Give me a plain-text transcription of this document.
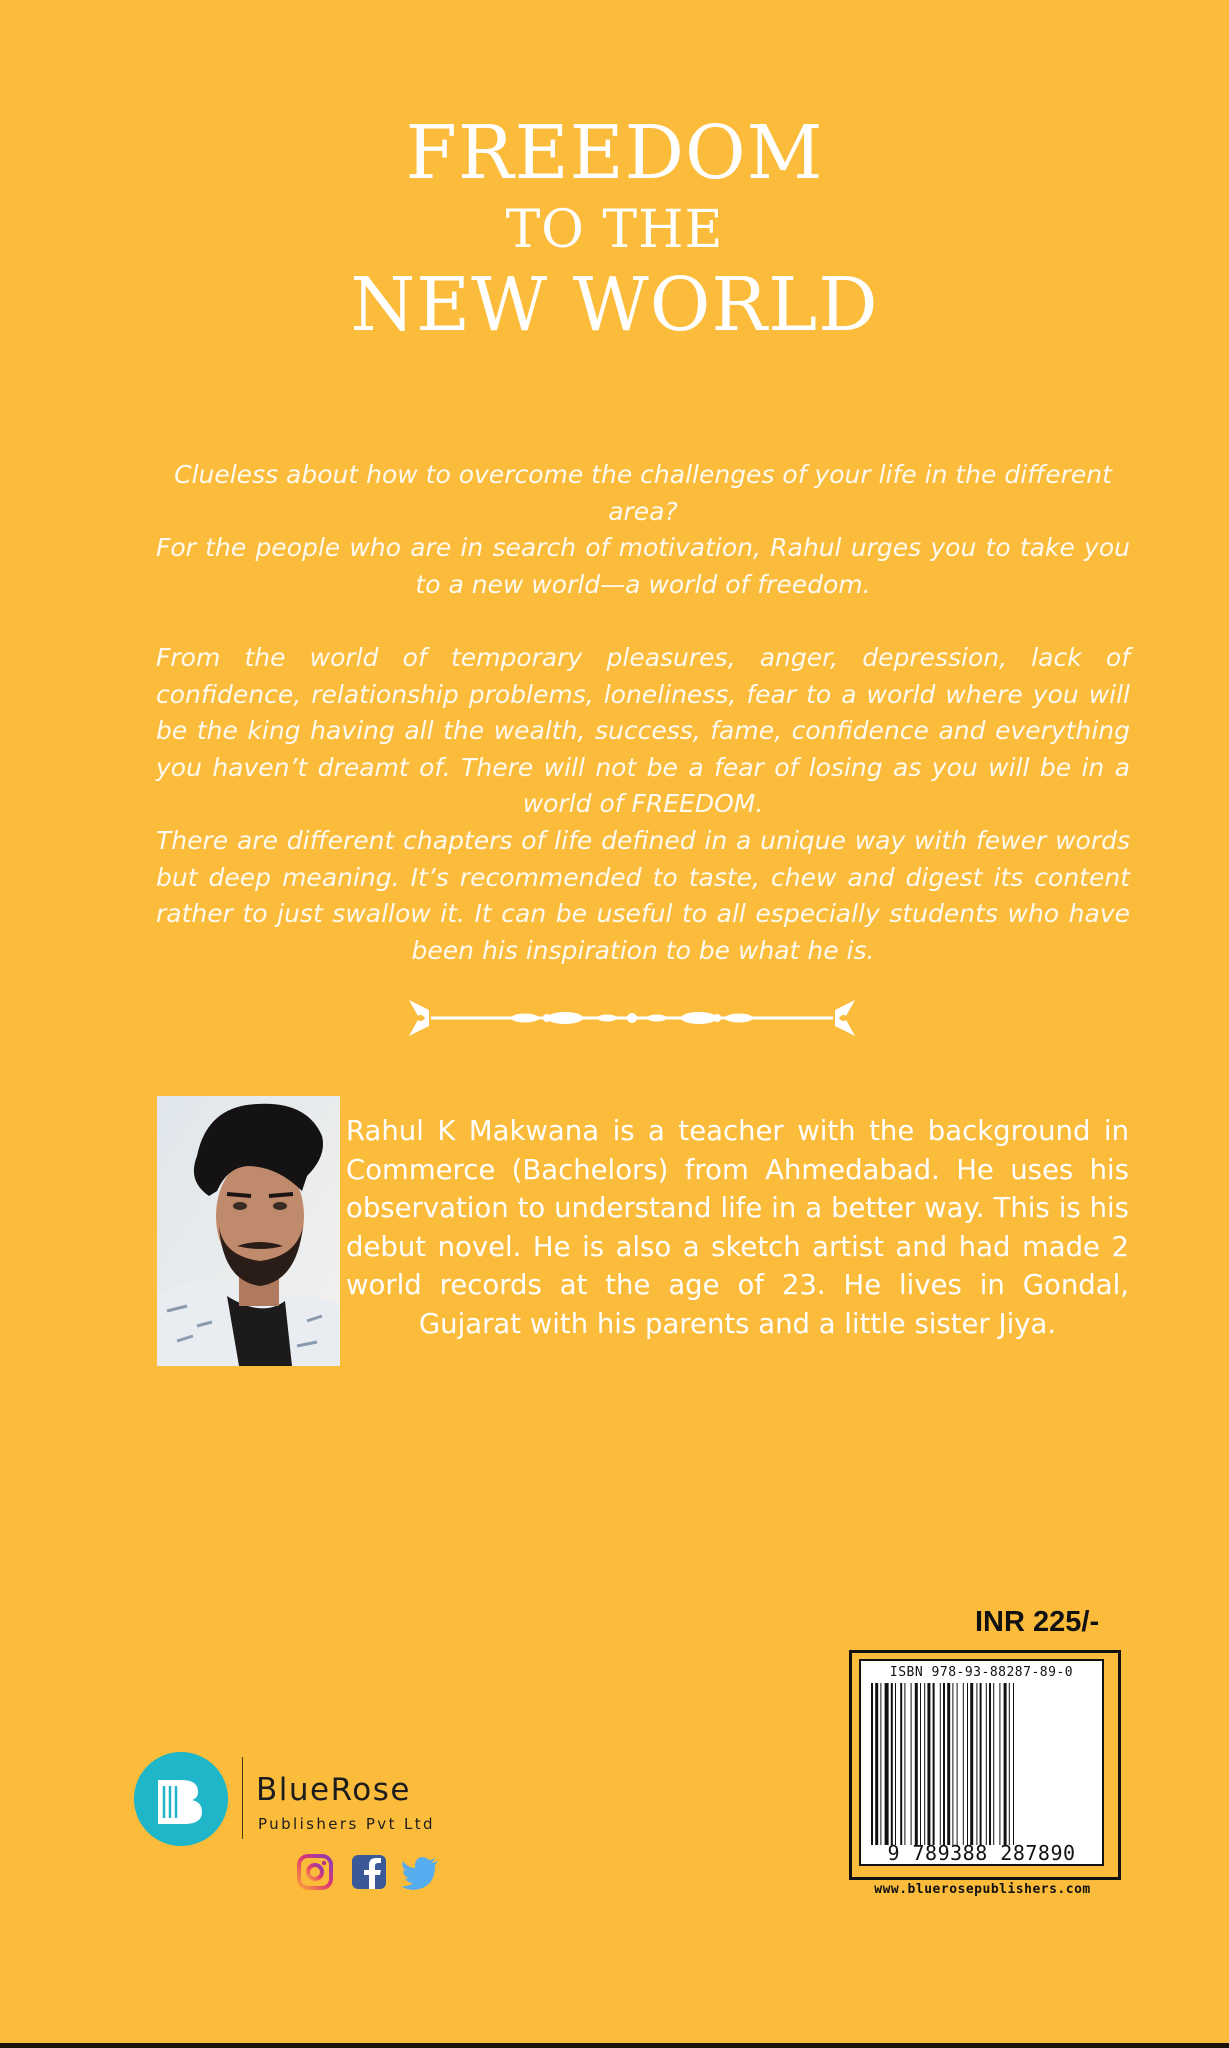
FREEDOM
TO THE
NEW WORLD

Clueless about how to overcome the challenges of your life in the different area?

For the people who are in search of motivation, Rahul urges you to take you to a new world—a world of freedom.

From the world of temporary pleasures, anger, depression, lack of confidence, relationship problems, loneliness, fear to a world where you will be the king having all the wealth, success, fame, confidence and everything you haven’t dreamt of. There will not be a fear of losing as you will be in a world of FREEDOM.

There are different chapters of life defined in a unique way with fewer words but deep meaning. It’s recommended to taste, chew and digest its content rather to just swallow it. It can be useful to all especially students who have been his inspiration to be what he is.

Rahul K Makwana is a teacher with the background in Commerce (Bachelors) from Ahmedabad. He uses his observation to understand life in a better way. This is his debut novel. He is also a sketch artist and had made 2 world records at the age of 23. He lives in Gondal, Gujarat with his parents and a little sister Jiya.
INR 225/-
ISBN 978-93-88287-89-0
9 789388 287890
www.bluerosepublishers.com
BlueRose
Publishers Pvt Ltd
